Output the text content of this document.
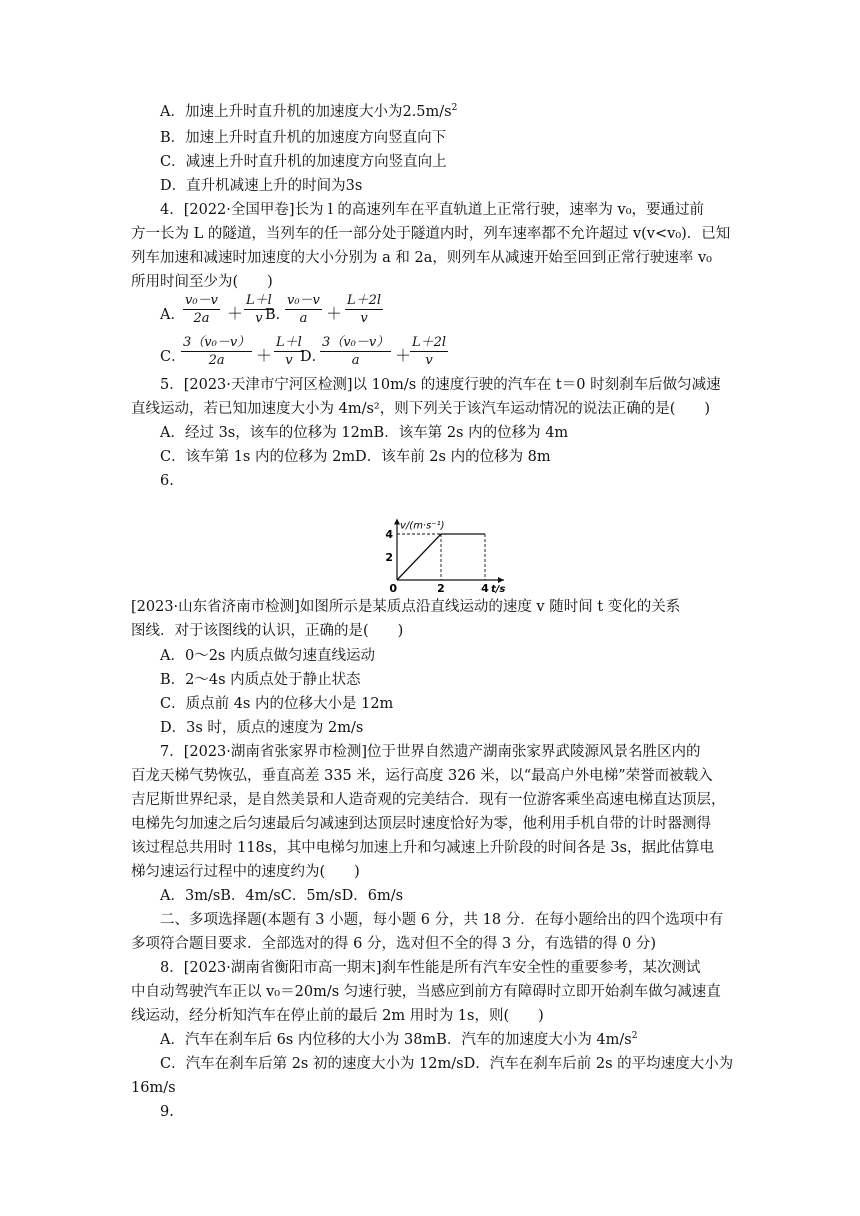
A．加速上升时直升机的加速度大小为$2.5m/s^2$
B．加速上升时直升机的加速度方向竖直向下
C．减速上升时直升机的加速度方向竖直向上
D．直升机减速上升的时间为3s
4．[2022·全国甲卷]长为 l 的高速列车在平直轨道上正常行驶，速率为 v₀，要通过前
方一长为 L 的隧道，当列车的任一部分处于隧道内时，列车速率都不允许超过 v(v<v₀)．已知
列车加速和减速时加速度的大小分别为 a 和 2a，则列车从减速开始至回到正常行驶速率 v₀
所用时间至少为(　　)
A．
$\frac{\text{v₀－v}}{2a} + \frac{L+l}{v}$
B．
$\frac{\text{v₀－v}}{a} + \frac{L+2l}{v}$
C．
$\frac{\text{3（v₀－v）}}{2a} + \frac{L+l}{v}$
D．
$\frac{\text{3（v₀－v）}}{a}$ ＋
$\frac{L+2l}{v}$
5．[2023·天津市宁河区检测]以 10m/s 的速度行驶的汽车在 t＝0 时刻刹车后做匀减速
直线运动，若已知加速度大小为 4m/s²，则下列关于该汽车运动情况的说法正确的是(　　)
A．经过 3s，该车的位移为 12mB．该车第 2s 内的位移为 4m
C．该车第 1s 内的位移为 2mD．该车前 2s 内的位移为 8m
6.
v/(m·s⁻¹)
t/s
0	2	4
2
4
[2023·山东省济南市检测]如图所示是某质点沿直线运动的速度 v 随时间 t 变化的关系
图线．对于该图线的认识，正确的是(　　)
A．0～2s 内质点做匀速直线运动
B．2～4s 内质点处于静止状态
C．质点前 4s 内的位移大小是 12m
D．3s 时，质点的速度为 2m/s
7．[2023·湖南省张家界市检测]位于世界自然遗产湖南张家界武陵源风景名胜区内的
百龙天梯气势恢弘，垂直高差 335 米，运行高度 326 米，以“最高户外电梯”荣誉而被载入
吉尼斯世界纪录，是自然美景和人造奇观的完美结合．现有一位游客乘坐高速电梯直达顶层，
电梯先匀加速之后匀速最后匀减速到达顶层时速度恰好为零，他利用手机自带的计时器测得
该过程总共用时 118s，其中电梯匀加速上升和匀减速上升阶段的时间各是 3s，据此估算电
梯匀速运行过程中的速度约为(　　)
A．3m/sB．4m/sC．5m/sD．6m/s
二、多项选择题(本题有 3 小题，每小题 6 分，共 18 分．在每小题给出的四个选项中有
多项符合题目要求．全部选对的得 6 分，选对但不全的得 3 分，有选错的得 0 分)
8．[2023·湖南省衡阳市高一期末]刹车性能是所有汽车安全性的重要参考，某次测试
中自动驾驶汽车正以 v₀＝20m/s 匀速行驶，当感应到前方有障碍时立即开始刹车做匀减速直
线运动，经分析知汽车在停止前的最后 2m 用时为 1s，则(　　)
A．汽车在刹车后 6s 内位移的大小为 38mB．汽车的加速度大小为 $4m/s^2$
C．汽车在刹车后第 2s 初的速度大小为 12m/sD．汽车在刹车后前 2s 的平均速度大小为
16m/s
9.
